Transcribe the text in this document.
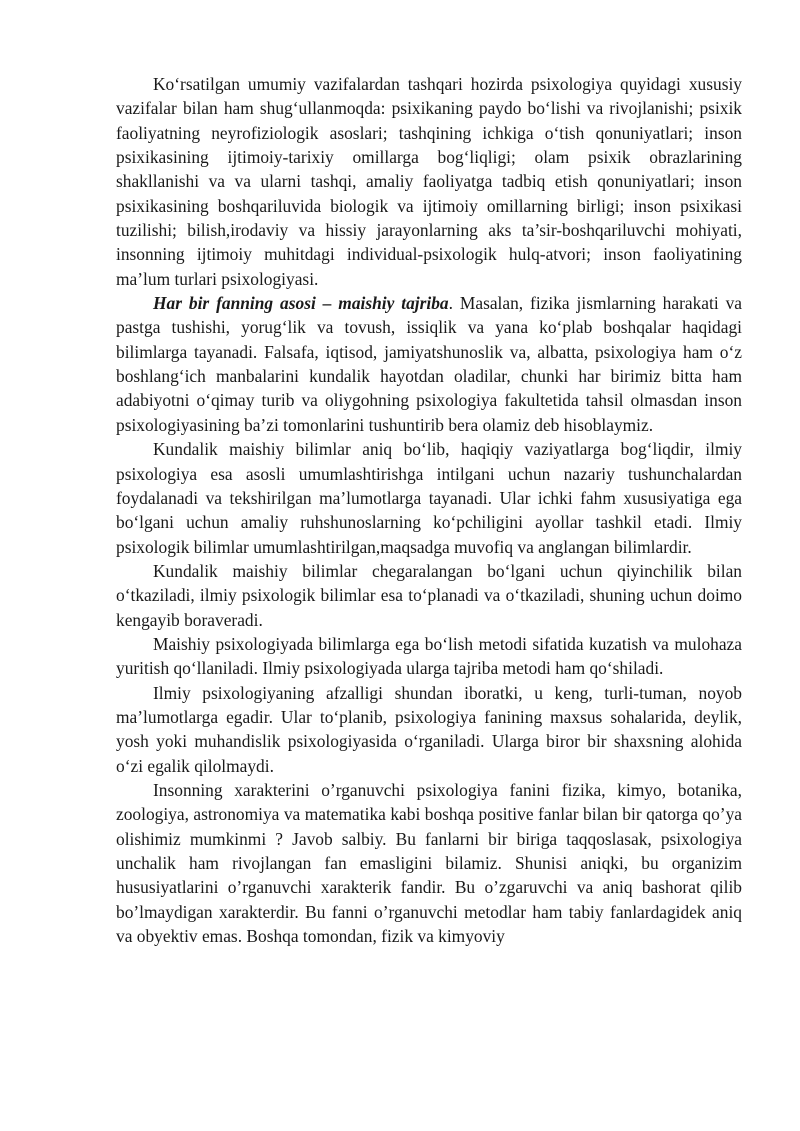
Ko‘rsatilgan umumiy vazifalardan tashqari hozirda psixologiya quyidagi xususiy vazifalar bilan ham shug‘ullanmoqda: psixikaning paydo bo‘lishi va rivojlanishi; psixik faoliyatning neyrofiziologik asoslari; tashqining ichkiga o‘tish qonuniyatlari; inson psixikasining ijtimoiy-tarixiy omillarga bog‘liqligi; olam psixik obrazlarining shakllanishi va va ularni tashqi, amaliy faoliyatga tadbiq etish qonuniyatlari; inson psixikasining boshqariluvida biologik va ijtimoiy omillarning birligi; inson psixikasi tuzilishi; bilish,irodaviy va hissiy jarayonlarning aks ta’sir-boshqariluvchi mohiyati, insonning ijtimoiy muhitdagi individual-psixologik hulq-atvori; inson faoliyatining ma’lum turlari psixologiyasi.

Har bir fanning asosi – maishiy tajriba. Masalan, fizika jismlarning harakati va pastga tushishi, yorug‘lik va tovush, issiqlik va yana ko‘plab boshqalar haqidagi bilimlarga tayanadi. Falsafa, iqtisod, jamiyatshunoslik va, albatta, psixologiya ham o‘z boshlang‘ich manbalarini kundalik hayotdan oladilar, chunki har birimiz bitta ham adabiyotni o‘qimay turib va oliygohning psixologiya fakultetida tahsil olmasdan inson psixologiyasining ba’zi tomonlarini tushuntirib bera olamiz deb hisoblaymiz.

Kundalik maishiy bilimlar aniq bo‘lib, haqiqiy vaziyatlarga bog‘liqdir, ilmiy psixologiya esa asosli umumlashtirishga intilgani uchun nazariy tushunchalardan foydalanadi va tekshirilgan ma’lumotlarga tayanadi. Ular ichki fahm xususiyatiga ega bo‘lgani uchun amaliy ruhshunoslarning ko‘pchiligini ayollar tashkil etadi. Ilmiy psixologik bilimlar umumlashtirilgan,maqsadga muvofiq va anglangan bilimlardir.

Kundalik maishiy bilimlar chegaralangan bo‘lgani uchun qiyinchilik bilan o‘tkaziladi, ilmiy psixologik bilimlar esa to‘planadi va o‘tkaziladi, shuning uchun doimo kengayib boraveradi.

Maishiy psixologiyada bilimlarga ega bo‘lish metodi sifatida kuzatish va mulohaza yuritish qo‘llaniladi. Ilmiy psixologiyada ularga tajriba metodi ham qo‘shiladi.

Ilmiy psixologiyaning afzalligi shundan iboratki, u keng, turli-tuman, noyob ma’lumotlarga egadir. Ular to‘planib, psixologiya fanining maxsus sohalarida, deylik, yosh yoki muhandislik psixologiyasida o‘rganiladi. Ularga biror bir shaxsning alohida o‘zi egalik qilolmaydi.

Insonning xarakterini o’rganuvchi psixologiya fanini fizika, kimyo, botanika, zoologiya, astronomiya va matematika kabi boshqa positive fanlar bilan bir qatorga qo’ya olishimiz mumkinmi ? Javob salbiy. Bu fanlarni bir biriga taqqoslasak, psixologiya unchalik ham rivojlangan fan emasligini bilamiz. Shunisi aniqki, bu organizim hususiyatlarini o’rganuvchi xarakterik fandir. Bu o’zgaruvchi va aniq bashorat qilib bo’lmaydigan xarakterdir. Bu fanni o’rganuvchi metodlar ham tabiy fanlardagidek aniq va obyektiv emas. Boshqa tomondan, fizik va kimyoviy
